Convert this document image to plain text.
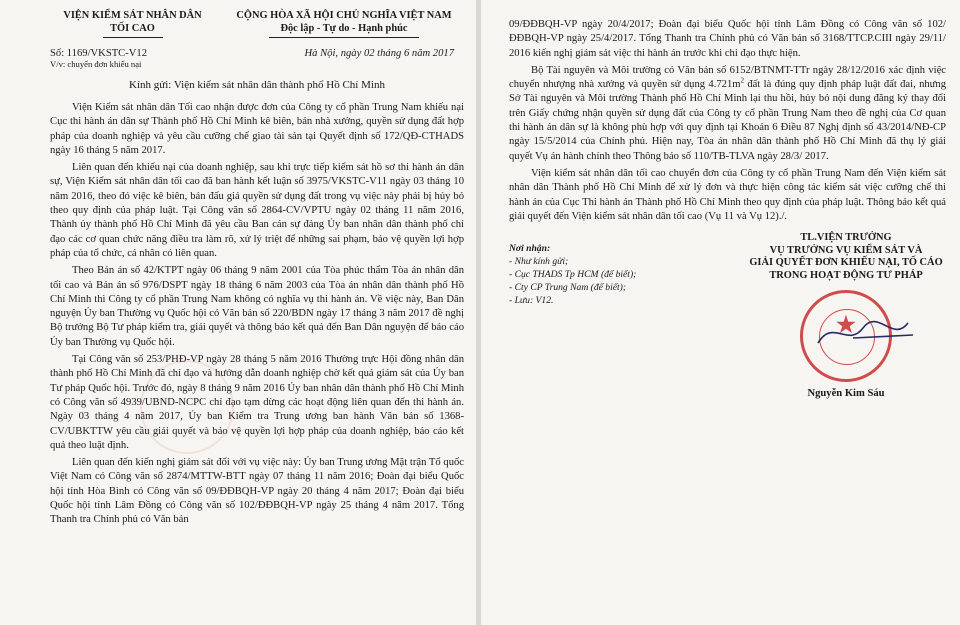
VIỆN KIỂM SÁT NHÂN DÂN
TỐI CAO
CỘNG HÒA XÃ HỘI CHỦ NGHĨA VIỆT NAM
Độc lập - Tự do - Hạnh phúc
Số: 1169/VKSTC-V12
V/v: chuyển đơn khiếu nại
Hà Nội, ngày 02 tháng 6 năm 2017
Kính gửi: Viện kiểm sát nhân dân thành phố Hồ Chí Minh

Viện Kiểm sát nhân dân Tối cao nhận được đơn của Công ty cổ phần Trung Nam khiếu nại Cục thi hành án dân sự Thành phố Hồ Chí Minh kê biên, bán nhà xưởng, quyền sử dụng đất hợp pháp của doanh nghiệp và yêu cầu cưỡng chế giao tài sản tại Quyết định số 172/QĐ-CTHADS ngày 16 tháng 5 năm 2017.

Liên quan đến khiếu nại của doanh nghiệp, sau khi trực tiếp kiểm sát hồ sơ thi hành án dân sự, Viện Kiểm sát nhân dân tối cao đã ban hành kết luận số 3975/VKSTC-V11 ngày 03 tháng 10 năm 2016, theo đó việc kê biên, bán đấu giá quyền sử dụng đất trong vụ việc này phải bị hủy bỏ theo quy định của pháp luật. Tại Công văn số 2864-CV/VPTU ngày 02 tháng 11 năm 2016, Thành ủy thành phố Hồ Chí Minh đã yêu cầu Ban cán sự đảng Ủy ban nhân dân thành phố chỉ đạo các cơ quan chức năng điều tra làm rõ, xử lý triệt để những sai phạm, bảo vệ quyền lợi hợp pháp của tổ chức, cá nhân có liên quan.

Theo Bản án số 42/KTPT ngày 06 tháng 9 năm 2001 của Tòa phúc thẩm Tòa án nhân dân tối cao và Bản án số 976/DSPT ngày 18 tháng 6 năm 2003 của Tòa án nhân dân thành phố Hồ Chí Minh thì Công ty cổ phần Trung Nam không có nghĩa vụ thi hành án. Về việc này, Ban Dân nguyện Ủy ban Thường vụ Quốc hội có Văn bản số 220/BDN ngày 17 tháng 3 năm 2017 đề nghị Bộ trưởng Bộ Tư pháp kiểm tra, giải quyết và thông báo kết quả đến Ban Dân nguyện để báo cáo Ủy ban Thường vụ Quốc hội.

Tại Công văn số 253/PHĐ-VP ngày 28 tháng 5 năm 2016 Thường trực Hội đồng nhân dân thành phố Hồ Chí Minh đã chỉ đạo và hướng dẫn doanh nghiệp chờ kết quả giám sát của Ủy ban Tư pháp Quốc hội. Trước đó, ngày 8 tháng 9 năm 2016 Ủy ban nhân dân thành phố Hồ Chí Minh có Công văn số 4939/UBND-NCPC chỉ đạo tạm dừng các hoạt động liên quan đến thi hành án. Ngày 03 tháng 4 năm 2017, Ủy ban Kiểm tra Trung ương ban hành Văn bản số 1368-CV/UBKTTW yêu cầu giải quyết và bảo vệ quyền lợi hợp pháp của doanh nghiệp, báo cáo kết quả theo luật định.

Liên quan đến kiến nghị giám sát đối với vụ việc này: Ủy ban Trung ương Mặt trận Tổ quốc Việt Nam có Công văn số 2874/MTTW-BTT ngày 07 tháng 11 năm 2016; Đoàn đại biểu Quốc hội tỉnh Hòa Bình có Công văn số 09/ĐĐBQH-VP ngày 20 tháng 4 năm 2017; Đoàn đại biểu Quốc hội tỉnh Lâm Đồng có Công văn số 102/ĐĐBQH-VP ngày 25 tháng 4 năm 2017. Tổng Thanh tra Chính phủ có Văn bản

09/ĐĐBQH-VP ngày 20/4/2017; Đoàn đại biểu Quốc hội tỉnh Lâm Đồng có Công văn số 102/ĐĐBQH-VP ngày 25/4/2017. Tổng Thanh tra Chính phủ có Văn bản số 3168/TTCP.CIII ngày 29/11/ 2016 kiến nghị giám sát việc thi hành án trước khi chỉ đạo thực hiện.

Bộ Tài nguyên và Môi trường có Văn bản số 6152/BTNMT-TTr ngày 28/12/2016 xác định việc chuyển nhượng nhà xưởng và quyền sử dụng $4.721m^2$ đất là đúng quy định pháp luật đất đai, nhưng Sở Tài nguyên và Môi trường Thành phố Hồ Chí Minh lại thu hồi, hủy bỏ nội dung đăng ký thay đổi trên Giấy chứng nhận quyền sử dụng đất của Công ty cổ phần Trung Nam theo đề nghị của Cơ quan thi hành án dân sự là không phù hợp với quy định tại Khoản 6 Điều 87 Nghị định số 43/2014/NĐ-CP ngày 15/5/2014 của Chính phủ. Hiện nay, Tòa án nhân dân thành phố Hồ Chí Minh đã thụ lý giải quyết Vụ án hành chính theo Thông báo số 110/TB-TLVA ngày 28/3/ 2017.

Viện kiểm sát nhân dân tối cao chuyển đơn của Công ty cổ phần Trung Nam đến Viện kiểm sát nhân dân Thành phố Hồ Chí Minh để xử lý đơn và thực hiện công tác kiểm sát việc cưỡng chế thi hành án của Cục Thi hành án Thành phố Hồ Chí Minh theo quy định của pháp luật. Thông báo kết quả giải quyết đến Viện kiểm sát nhân dân tối cao (Vụ 11 và Vụ 12)./.

Nơi nhận:
- Như kính gửi;
- Cục THADS Tp HCM (để biết);
- Cty CP Trung Nam (để biết);
- Lưu: V12.
TL.VIỆN TRƯỞNG
VỤ TRƯỞNG VỤ KIỂM SÁT VÀ
GIẢI QUYẾT ĐƠN KHIẾU NẠI, TỐ CÁO
TRONG HOẠT ĐỘNG TƯ PHÁP
★
Nguyễn Kim Sáu
